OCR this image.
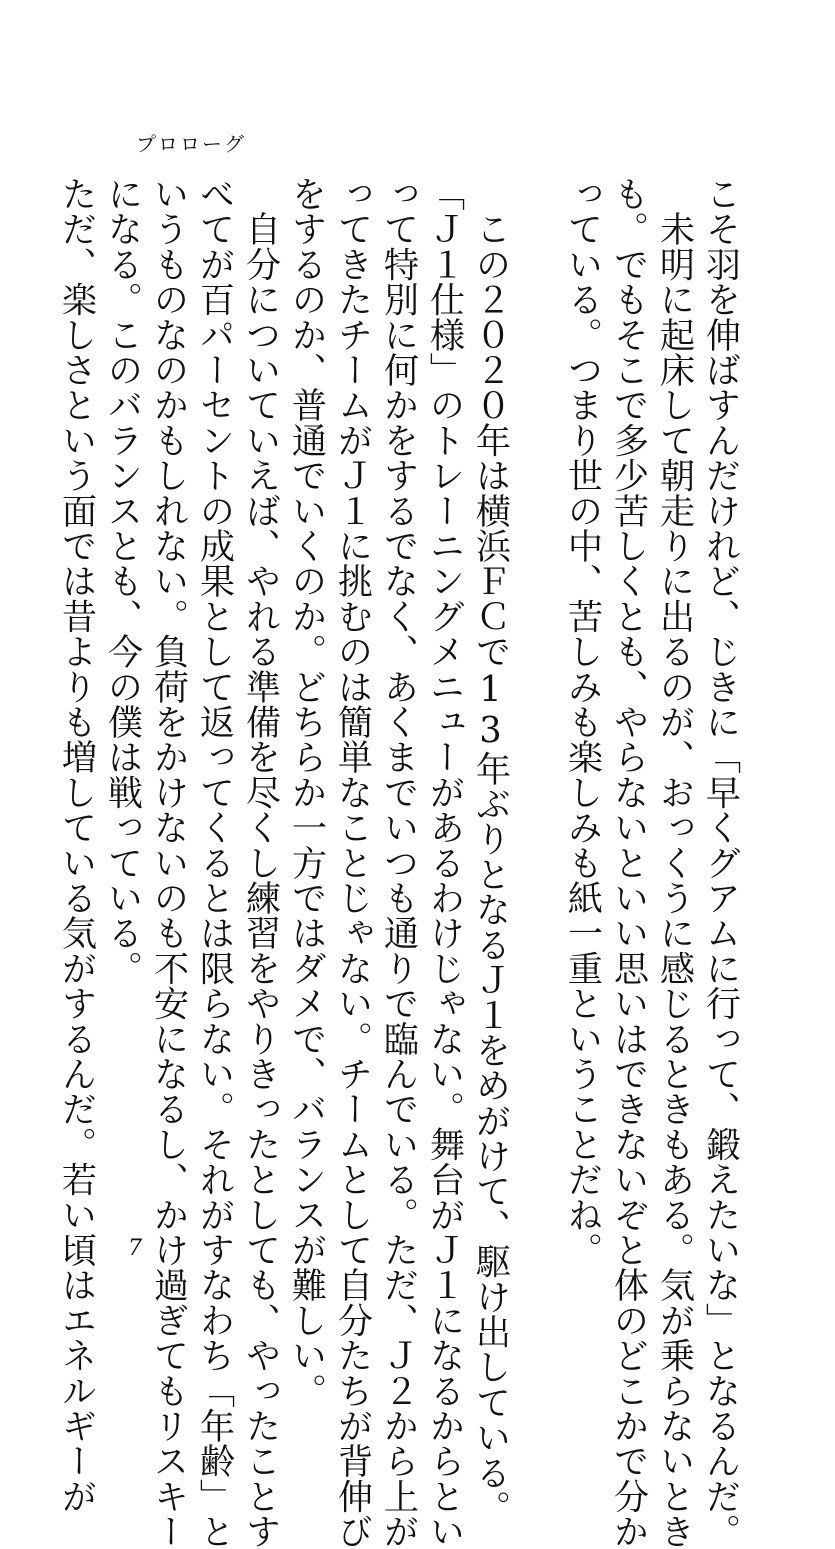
プロローグ
こそ羽を伸ばすんだけれど、じきに「早くグアムに行って、鍛えたいな」となるんだ。
　未明に起床して朝走りに出るのが、おっくうに感じるときもある。気が乗らないとき
も。でもそこで多少苦しくとも、やらないといい思いはできないぞと体のどこかで分か
っている。つまり世の中、苦しみも楽しみも紙一重ということだね。
　この２０２０年は横浜ＦＣで13年ぶりとなるＪ１をめがけて、駆け出している。
「Ｊ１仕様」のトレーニングメニューがあるわけじゃない。舞台がＪ１になるからとい
って特別に何かをするでなく、あくまでいつも通りで臨んでいる。ただ、Ｊ２から上が
ってきたチームがＪ１に挑むのは簡単なことじゃない。チームとして自分たちが背伸び
をするのか、普通でいくのか。どちらか一方ではダメで、バランスが難しい。
　自分についていえば、やれる準備を尽くし練習をやりきったとしても、やったことす
べてが百パーセントの成果として返ってくるとは限らない。それがすなわち「年齢」と
いうものなのかもしれない。負荷をかけないのも不安になるし、かけ過ぎてもリスキー
になる。このバランスとも、今の僕は戦っている。
ただ、楽しさという面では昔よりも増している気がするんだ。若い頃はエネルギーが 7
